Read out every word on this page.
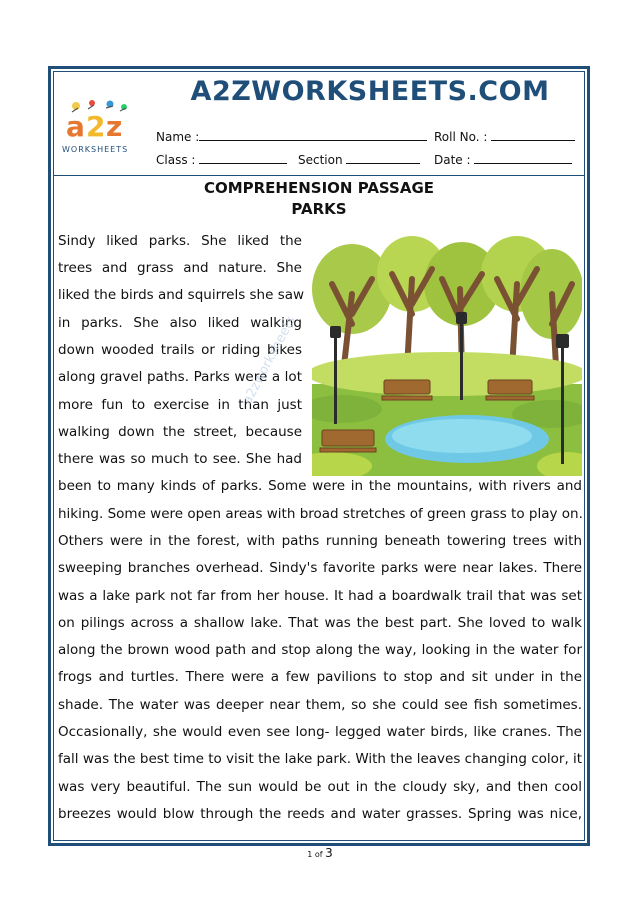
a 2 z
WORKSHEETS
A2ZWORKSHEETS.COM
Name :	Roll No. :
Class :	Section	Date :
COMPREHENSION PASSAGE
PARKS
Sindy liked parks. She liked the
trees and grass and nature. She
liked the birds and squirrels she saw
in parks. She also liked walking
down wooded trails or riding bikes
along gravel paths. Parks were a lot
more fun to exercise in than just
walking down the street, because
there was so much to see. She had
been to many kinds of parks. Some were in the mountains, with rivers and
hiking. Some were open areas with broad stretches of green grass to play on.
Others were in the forest, with paths running beneath towering trees with
sweeping branches overhead. Sindy's favorite parks were near lakes. There
was a lake park not far from her house. It had a boardwalk trail that was set
on pilings across a shallow lake. That was the best part. She loved to walk
along the brown wood path and stop along the way, looking in the water for
frogs and turtles. There were a few pavilions to stop and sit under in the
shade. The water was deeper near them, so she could see fish sometimes.
Occasionally, she would even see long- legged water birds, like cranes. The
fall was the best time to visit the lake park. With the leaves changing color, it
was very beautiful. The sun would be out in the cloudy sky, and then cool
breezes would blow through the reeds and water grasses. Spring was nice,
a2zworksheets
1 of 3
